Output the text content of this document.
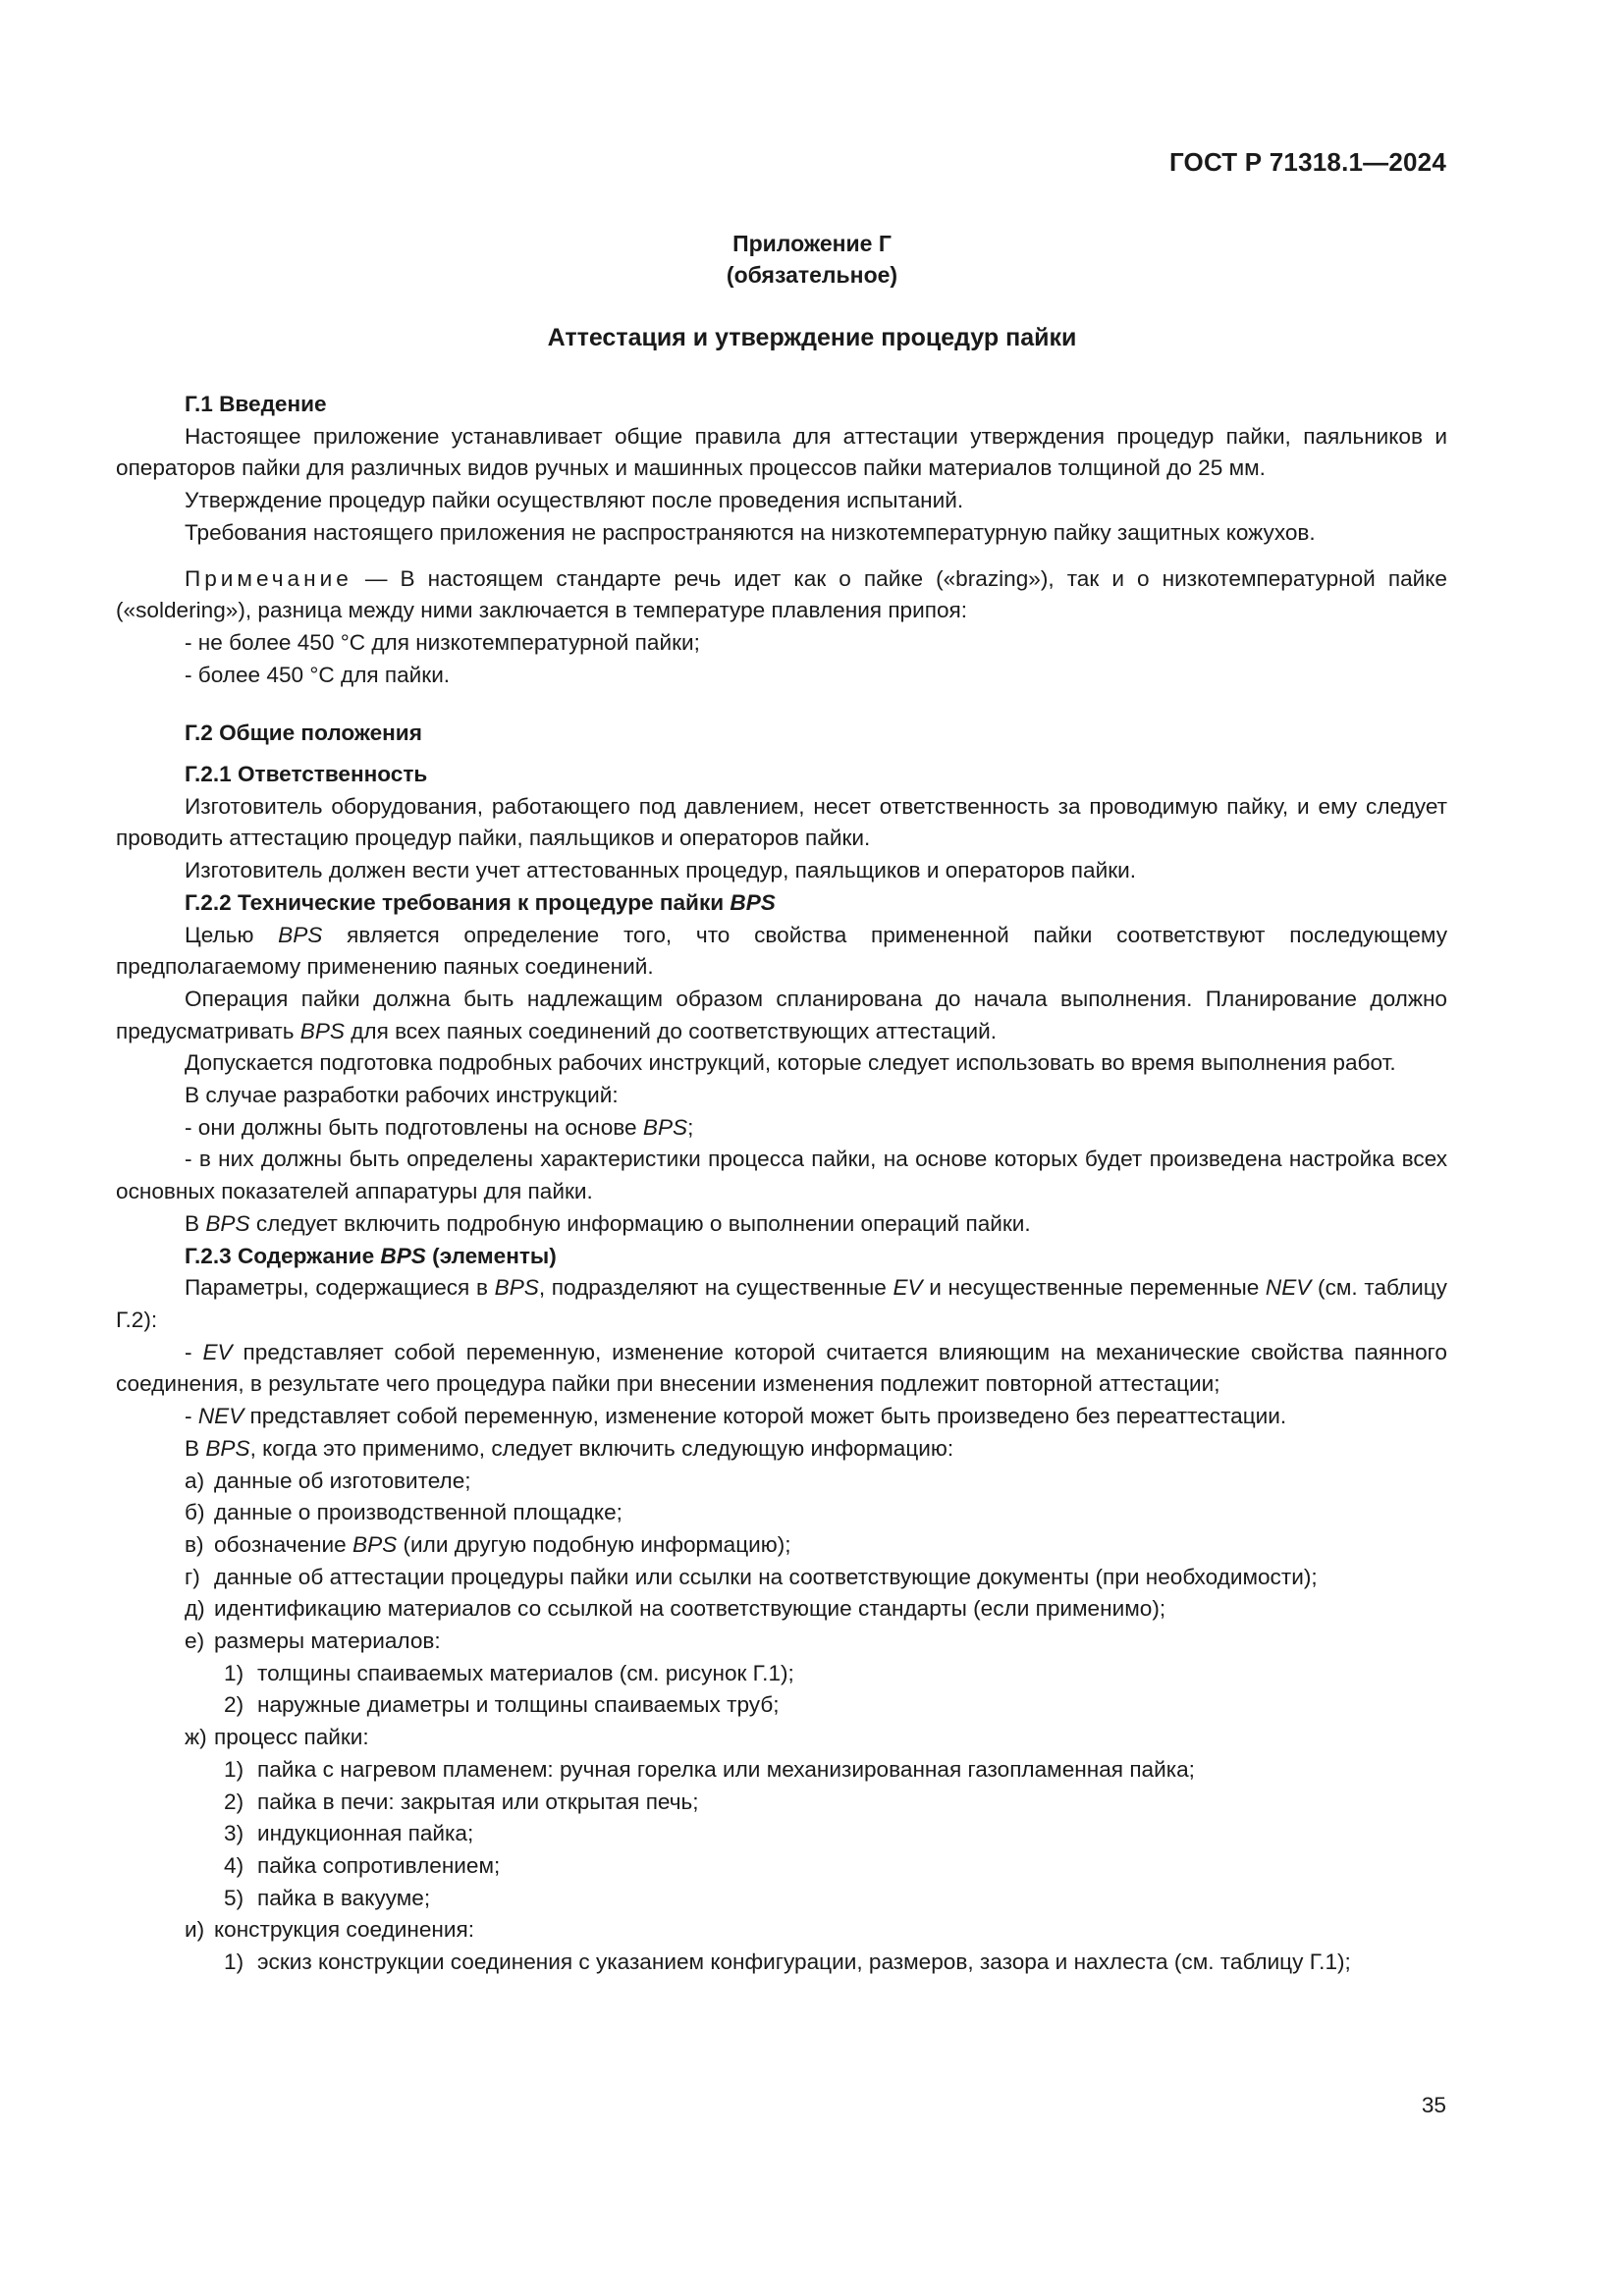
ГОСТ Р 71318.1—2024
Приложение Г
(обязательное)
Аттестация и утверждение процедур пайки

Г.1 Введение

Настоящее приложение устанавливает общие правила для аттестации утверждения процедур пайки, паяльников и операторов пайки для различных видов ручных и машинных процессов пайки материалов толщиной до 25 мм.

Утверждение процедур пайки осуществляют после проведения испытаний.

Требования настоящего приложения не распространяются на низкотемпературную пайку защитных кожухов.

Примечание — В настоящем стандарте речь идет как о пайке («brazing»), так и о низкотемпературной пайке («soldering»), разница между ними заключается в температуре плавления припоя:

- не более 450 °С для низкотемпературной пайки;

- более 450 °С для пайки.

Г.2 Общие положения

Г.2.1 Ответственность

Изготовитель оборудования, работающего под давлением, несет ответственность за проводимую пайку, и ему следует проводить аттестацию процедур пайки, паяльщиков и операторов пайки.

Изготовитель должен вести учет аттестованных процедур, паяльщиков и операторов пайки.

Г.2.2 Технические требования к процедуре пайки BPS

Целью BPS является определение того, что свойства примененной пайки соответствуют последующему предполагаемому применению паяных соединений.

Операция пайки должна быть надлежащим образом спланирована до начала выполнения. Планирование должно предусматривать BPS для всех паяных соединений до соответствующих аттестаций.

Допускается подготовка подробных рабочих инструкций, которые следует использовать во время выполнения работ.

В случае разработки рабочих инструкций:

- они должны быть подготовлены на основе BPS;

- в них должны быть определены характеристики процесса пайки, на основе которых будет произведена настройка всех основных показателей аппаратуры для пайки.

В BPS следует включить подробную информацию о выполнении операций пайки.

Г.2.3 Содержание BPS (элементы)

Параметры, содержащиеся в BPS, подразделяют на существенные EV и несущественные переменные NEV (см. таблицу Г.2):

- EV представляет собой переменную, изменение которой считается влияющим на механические свойства паянного соединения, в результате чего процедура пайки при внесении изменения подлежит повторной аттестации;

- NEV представляет собой переменную, изменение которой может быть произведено без переаттестации.

В BPS, когда это применимо, следует включить следующую информацию:

а) данные об изготовителе;

б) данные о производственной площадке;

в) обозначение BPS (или другую подобную информацию);

г) данные об аттестации процедуры пайки или ссылки на соответствующие документы (при необходимости);

д) идентификацию материалов со ссылкой на соответствующие стандарты (если применимо);

е) размеры материалов:

1) толщины спаиваемых материалов (см. рисунок Г.1);

2) наружные диаметры и толщины спаиваемых труб;

ж) процесс пайки:

1) пайка с нагревом пламенем: ручная горелка или механизированная газопламенная пайка;

2) пайка в печи: закрытая или открытая печь;

3) индукционная пайка;

4) пайка сопротивлением;

5) пайка в вакууме;

и) конструкция соединения:

1) эскиз конструкции соединения с указанием конфигурации, размеров, зазора и нахлеста (см. таблицу Г.1);

35
